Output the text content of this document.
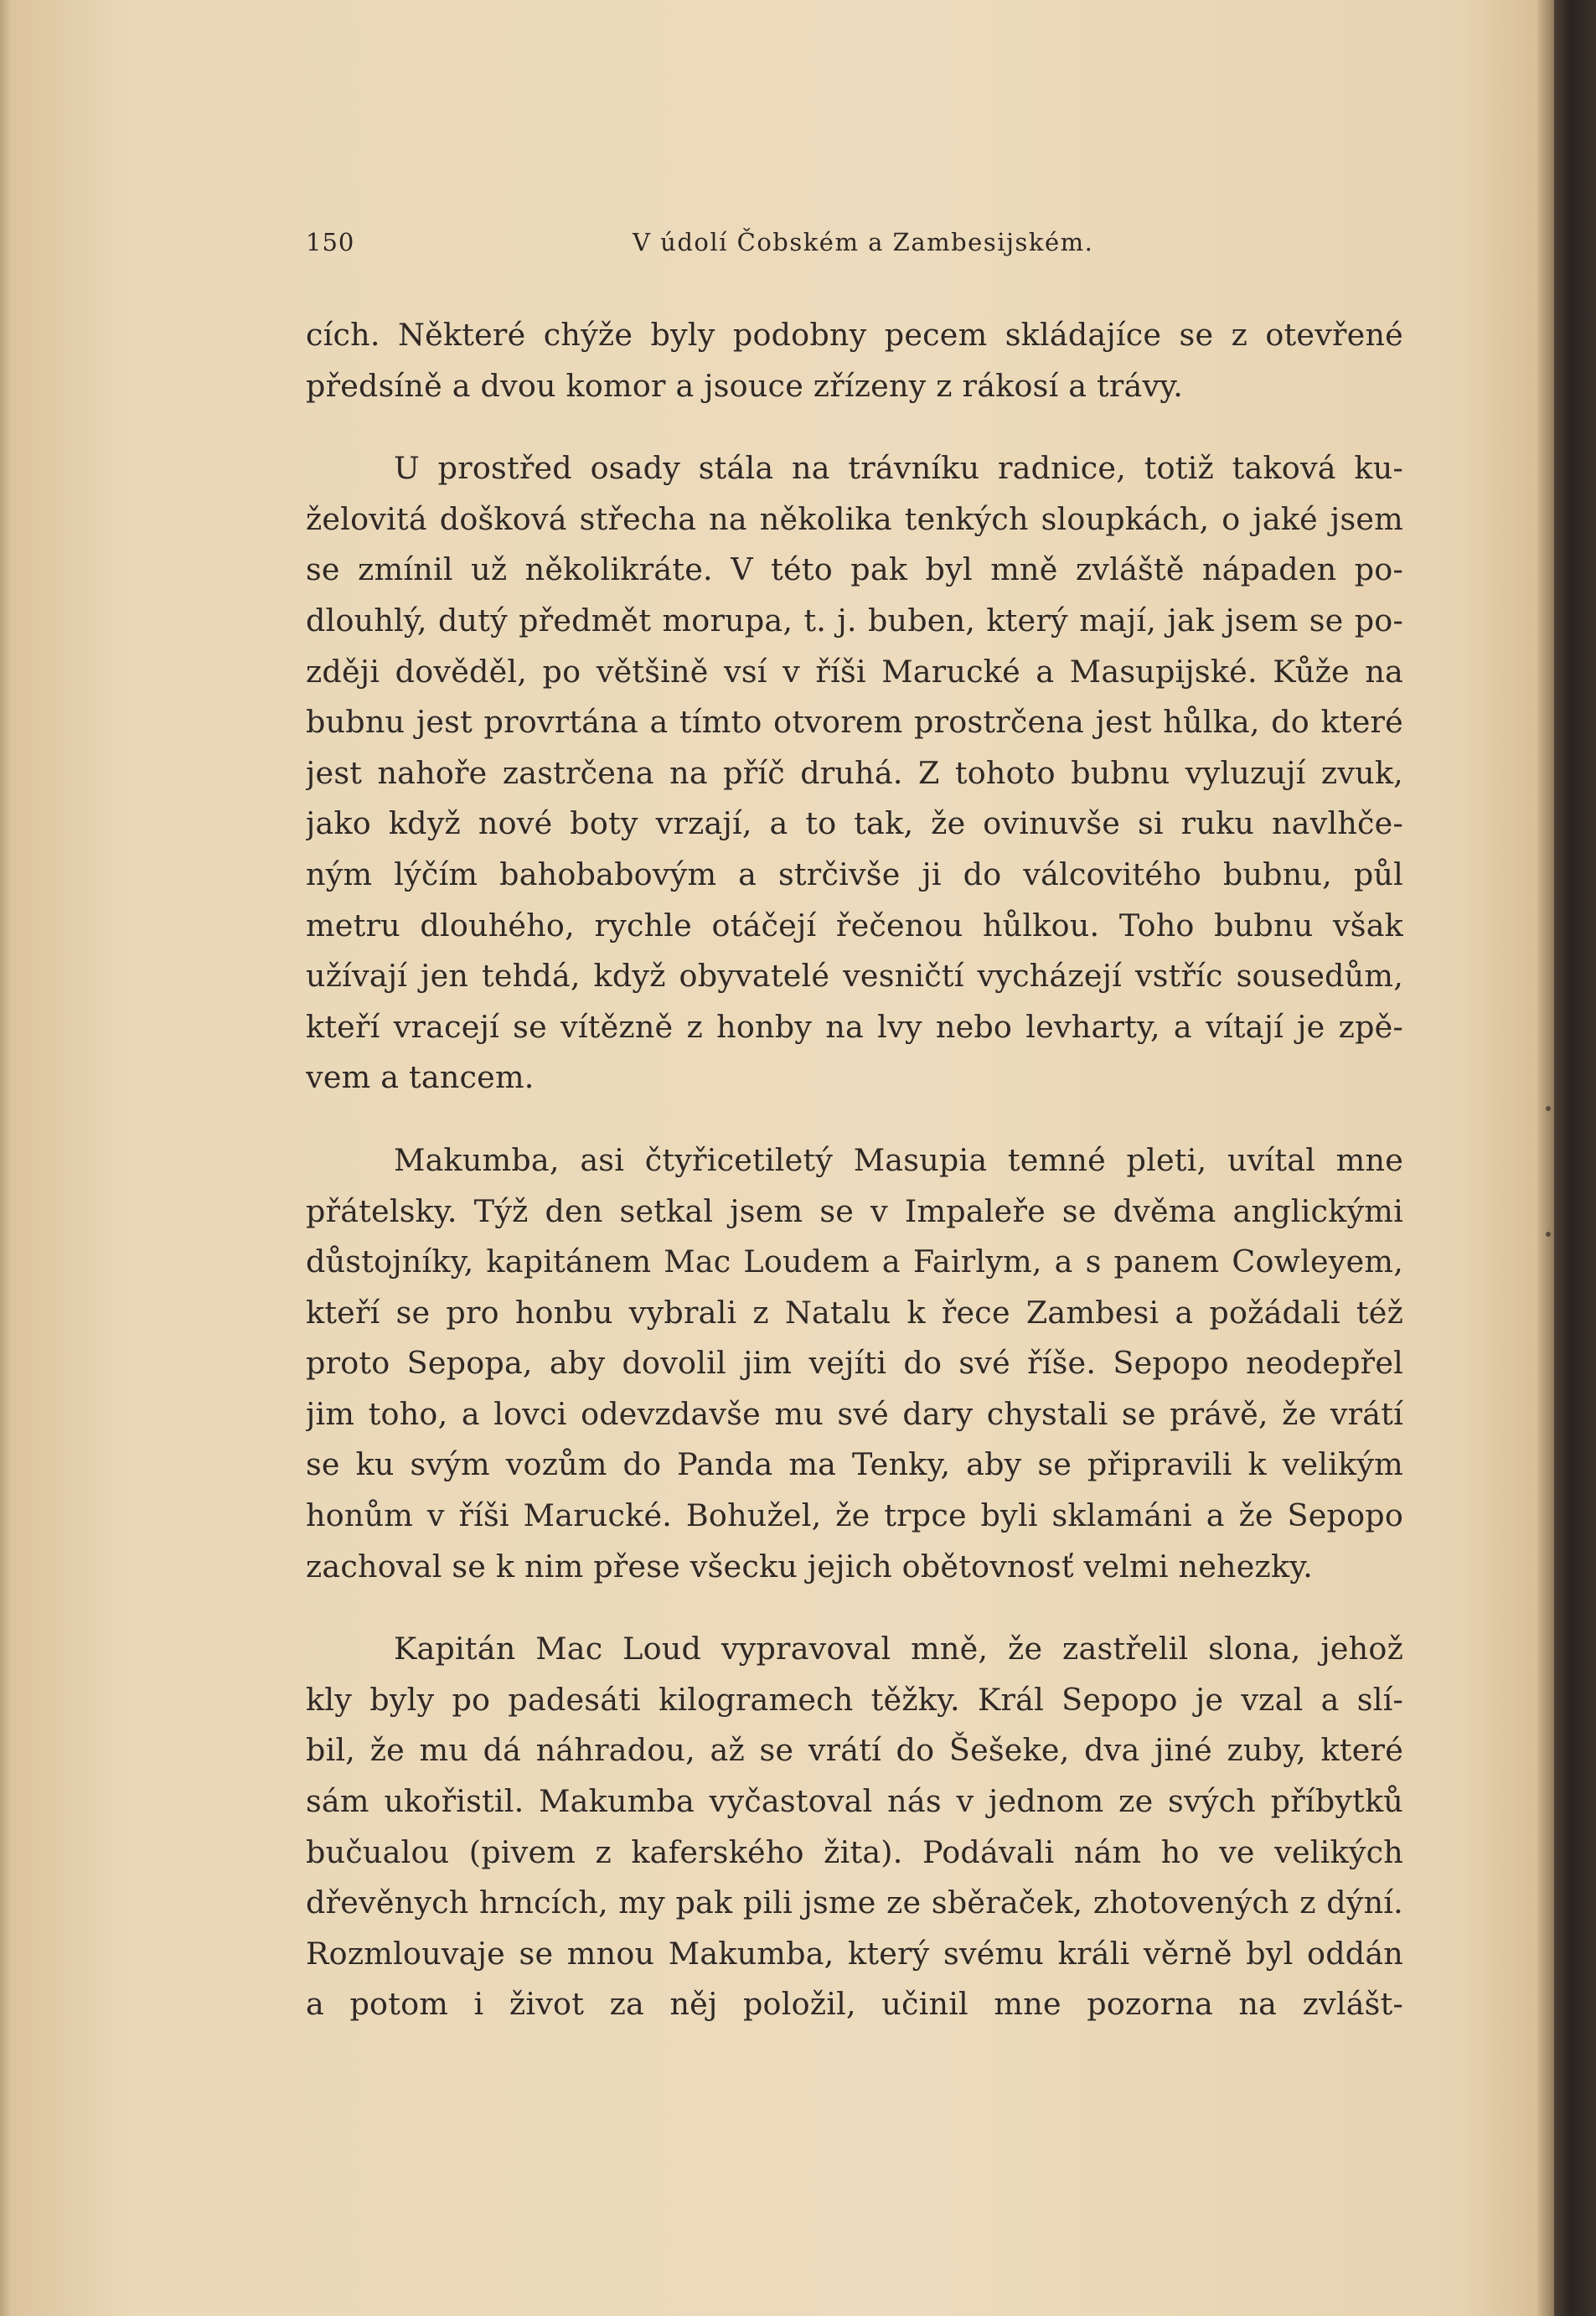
150	V údolí Čobském a Zambesijském.
cích. Některé chýže byly podobny pecem skládajíce se z otevřené
předsíně a dvou komor a jsouce zřízeny z rákosí a trávy.
U prostřed osady stála na trávníku radnice, totiž taková ku-
želovitá došková střecha na několika tenkých sloupkách, o jaké jsem
se zmínil už několikráte. V této pak byl mně zvláště nápaden po-
dlouhlý, dutý předmět morupa, t. j. buben, který mají, jak jsem se po-
zději dověděl, po většině vsí v říši Marucké a Masupijské. Kůže na
bubnu jest provrtána a tímto otvorem prostrčena jest hůlka, do které
jest nahoře zastrčena na příč druhá. Z tohoto bubnu vyluzují zvuk,
jako když nové boty vrzají, a to tak, že ovinuvše si ruku navlhče-
ným lýčím bahobabovým a strčivše ji do válcovitého bubnu, půl
metru dlouhého, rychle otáčejí řečenou hůlkou. Toho bubnu však
užívají jen tehdá, když obyvatelé vesničtí vycházejí vstříc sousedům,
kteří vracejí se vítězně z honby na lvy nebo levharty, a vítají je zpě-
vem a tancem.
Makumba, asi čtyřicetiletý Masupia temné pleti, uvítal mne
přátelsky. Týž den setkal jsem se v Impaleře se dvěma anglickými
důstojníky, kapitánem Mac Loudem a Fairlym, a s panem Cowleyem,
kteří se pro honbu vybrali z Natalu k řece Zambesi a požádali též
proto Sepopa, aby dovolil jim vejíti do své říše. Sepopo neodepřel
jim toho, a lovci odevzdavše mu své dary chystali se právě, že vrátí
se ku svým vozům do Panda ma Tenky, aby se připravili k velikým
honům v říši Marucké. Bohužel, že trpce byli sklamáni a že Sepopo
zachoval se k nim přese všecku jejich obětovnosť velmi nehezky.
Kapitán Mac Loud vypravoval mně, že zastřelil slona, jehož
kly byly po padesáti kilogramech těžky. Král Sepopo je vzal a slí-
bil, že mu dá náhradou, až se vrátí do Šešeke, dva jiné zuby, které
sám ukořistil. Makumba vyčastoval nás v jednom ze svých příbytků
bučualou (pivem z kaferského žita). Podávali nám ho ve velikých
dřevěnych hrncích, my pak pili jsme ze sběraček, zhotovených z dýní.
Rozmlouvaje se mnou Makumba, který svému králi věrně byl oddán
a potom i život za něj položil, učinil mne pozorna na zvlášt-
